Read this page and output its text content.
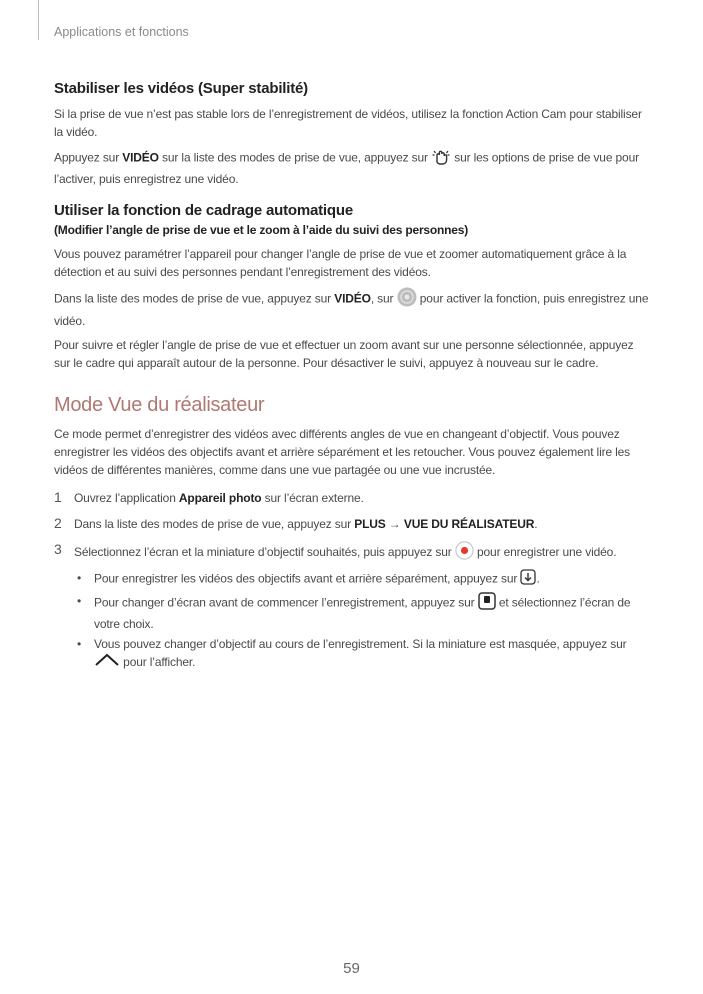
Applications et fonctions
Stabiliser les vidéos (Super stabilité)

Si la prise de vue n’est pas stable lors de l’enregistrement de vidéos, utilisez la fonction Action Cam pour stabiliser la vidéo.

Appuyez sur VIDÉO sur la liste des modes de prise de vue, appuyez sur  sur les options de prise de vue pour l’activer, puis enregistrez une vidéo.

Utiliser la fonction de cadrage automatique
(Modifier l’angle de prise de vue et le zoom à l’aide du suivi des personnes)

Vous pouvez paramétrer l’appareil pour changer l’angle de prise de vue et zoomer automatiquement grâce à la détection et au suivi des personnes pendant l’enregistrement des vidéos.

Dans la liste des modes de prise de vue, appuyez sur VIDÉO, sur  pour activer la fonction, puis enregistrez une vidéo.

Pour suivre et régler l’angle de prise de vue et effectuer un zoom avant sur une personne sélectionnée, appuyez sur le cadre qui apparaît autour de la personne. Pour désactiver le suivi, appuyez à nouveau sur le cadre.

Mode Vue du réalisateur

Ce mode permet d’enregistrer des vidéos avec différents angles de vue en changeant d’objectif. Vous pouvez enregistrer les vidéos des objectifs avant et arrière séparément et les retoucher. Vous pouvez également lire les vidéos de différentes manières, comme dans une vue partagée ou une vue incrustée.

1 Ouvrez l’application Appareil photo sur l’écran externe.
2 Dans la liste des modes de prise de vue, appuyez sur PLUS → VUE DU RÉALISATEUR.
3 Sélectionnez l’écran et la miniature d’objectif souhaités, puis appuyez sur  pour enregistrer une vidéo.
• Pour enregistrer les vidéos des objectifs avant et arrière séparément, appuyez sur .
• Pour changer d’écran avant de commencer l’enregistrement, appuyez sur  et sélectionnez l’écran de votre choix.
• Vous pouvez changer d’objectif au cours de l’enregistrement. Si la miniature est masquée, appuyez sur  pour l’afficher.
59
